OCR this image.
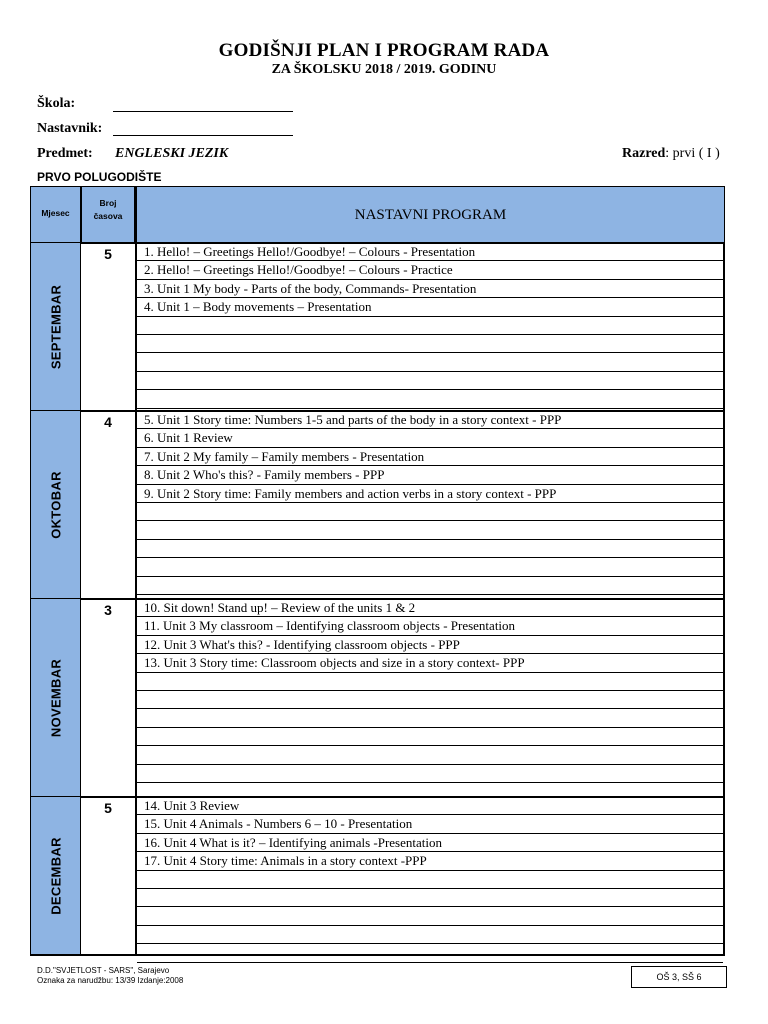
GODIŠNJI PLAN I PROGRAM RADA
ZA ŠKOLSKU 2018 / 2019. GODINU
Škola:
Nastavnik:
Predmet: ENGLESKI JEZIK	Razred: prvi ( I )
PRVO POLUGODIŠTE
Mjesec
Broj
časova	NASTAVNI PROGRAM
SEPTEMBAR
5	1. Hello! – Greetings Hello!/Goodbye! – Colours - Presentation
2. Hello! – Greetings Hello!/Goodbye! – Colours - Practice
3. Unit 1 My body - Parts of the body, Commands- Presentation
4. Unit 1 – Body movements – Presentation
OKTOBAR
4	5. Unit 1 Story time: Numbers 1-5 and parts of the body in a story context - PPP
6. Unit 1 Review
7. Unit 2 My family – Family members - Presentation
8. Unit 2 Who's this? - Family members - PPP
9. Unit 2 Story time: Family members and action verbs in a story context - PPP
NOVEMBAR
3	10. Sit down! Stand up! – Review of the units 1 & 2
11. Unit 3 My classroom – Identifying classroom objects - Presentation
12. Unit 3 What's this? - Identifying classroom objects - PPP
13. Unit 3 Story time: Classroom objects and size in a story context- PPP
DECEMBAR
5	14. Unit 3 Review
15. Unit 4 Animals - Numbers 6 – 10 - Presentation
16. Unit 4 What is it? – Identifying animals -Presentation
17. Unit 4 Story time: Animals in a story context -PPP
D.D."SVJETLOST - SARS", Sarajevo
Oznaka za narudžbu: 13/39 Izdanje:2008	OŠ 3, SŠ 6
